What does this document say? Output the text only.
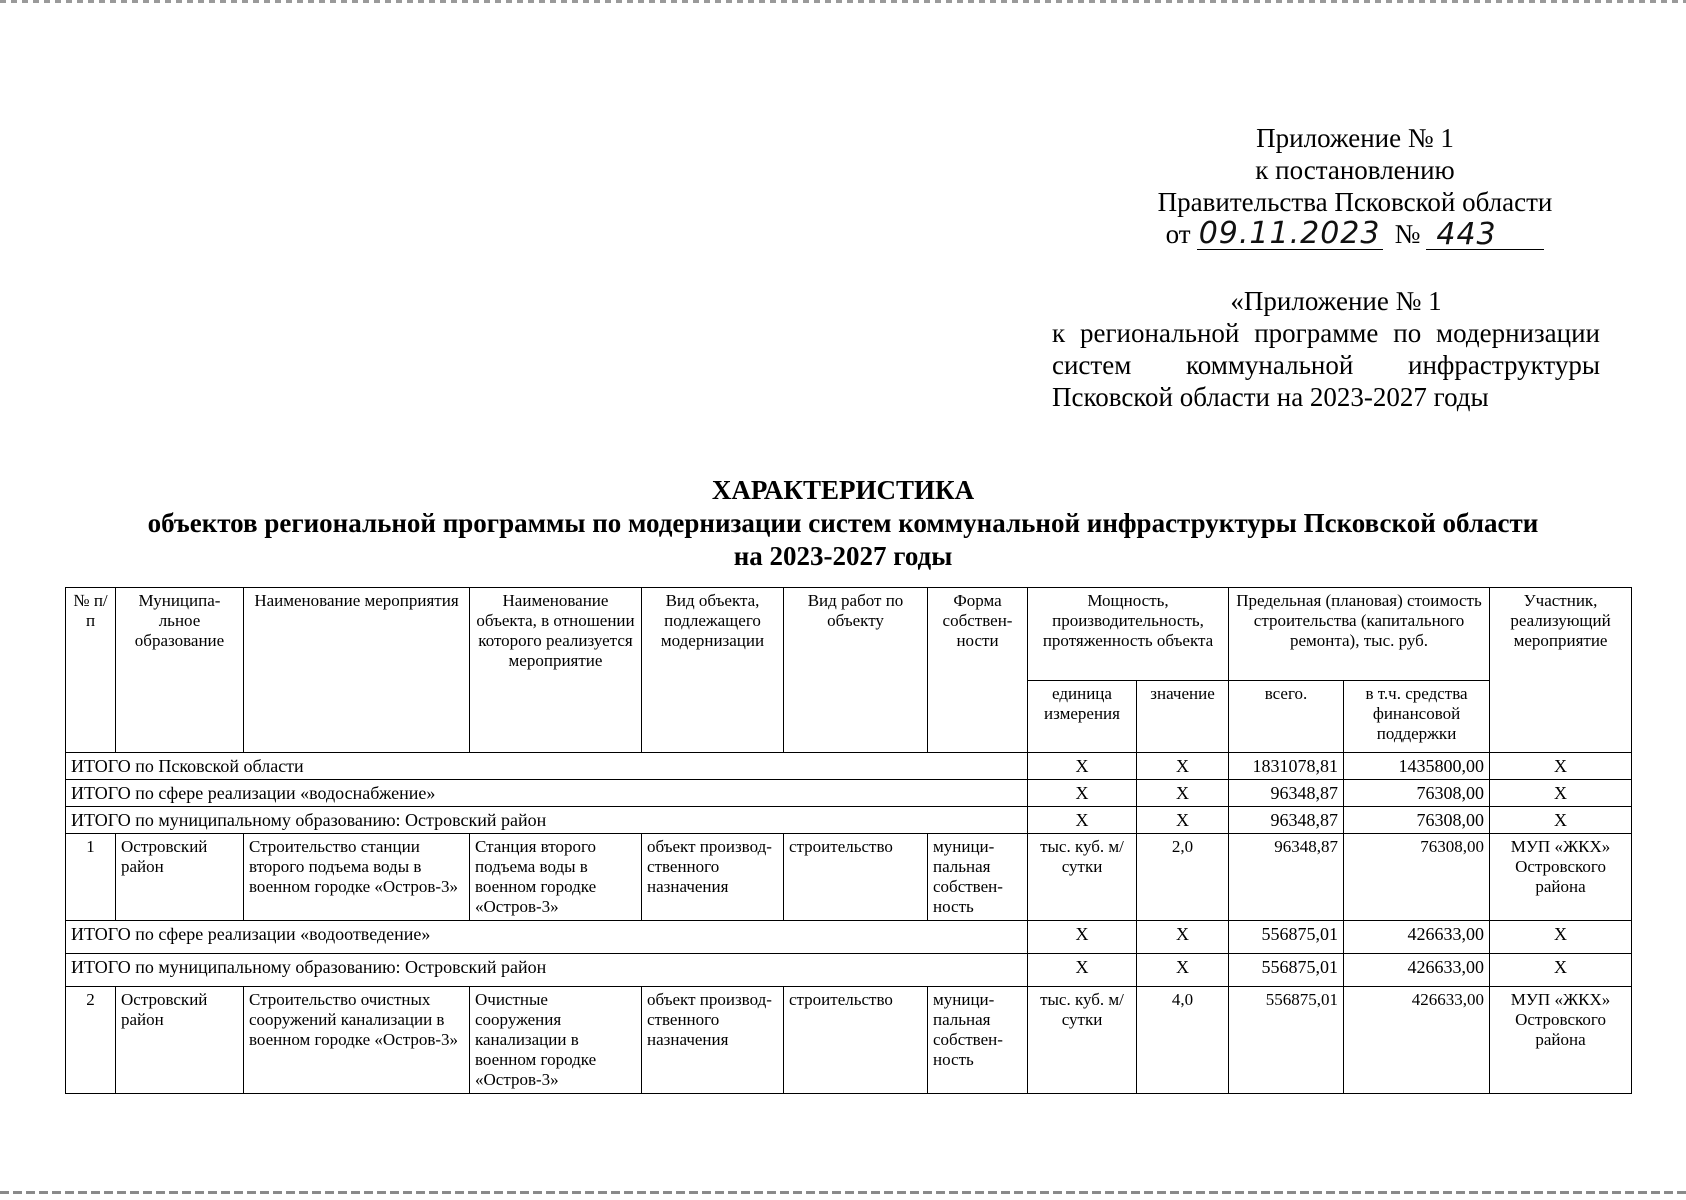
Приложение № 1
к постановлению
Правительства Псковской области
от 09.11.2023 № 443
«Приложение № 1
к региональной программе по модернизации
систем коммунальной инфраструктуры
Псковской области на 2023-2027 годы
ХАРАКТЕРИСТИКА
объектов региональной программы по модернизации систем коммунальной инфраструктуры Псковской области
на 2023-2027 годы
№ п/п	Муниципа-льное образование	Наименование мероприятия	Наименование объекта, в отношении которого реализуется мероприятие	Вид объекта, подлежащего модернизации	Вид работ по объекту	Форма собствен-ности	Мощность, производительность, протяженность объекта		Предельная (плановая) стоимость строительства (капитального ремонта), тыс. руб.		Участник, реализующий мероприятие
							единица измерения	значение	всего.	в т.ч. средства финансовой поддержки	
ИТОГО по Псковской области							Х	Х	1831078,81	1435800,00	Х
ИТОГО по сфере реализации «водоснабжение»							Х	Х	96348,87	76308,00	Х
ИТОГО по муниципальному образованию: Островский район							Х	Х	96348,87	76308,00	Х
1	Островский район	Строительство станции второго подъема воды в военном городке «Остров-3»	Станция второго подъема воды в военном городке «Остров-3»	объект производ-ственного назначения	строительство	муници-пальная собствен-ность	тыс. куб. м/сутки	2,0	96348,87	76308,00	МУП «ЖКХ» Островского района
ИТОГО по сфере реализации «водоотведение»							Х	Х	556875,01	426633,00	Х
ИТОГО по муниципальному образованию: Островский район							Х	Х	556875,01	426633,00	Х
2	Островский район	Строительство очистных сооружений канализации в военном городке «Остров-3»	Очистные сооружения канализации в военном городке «Остров-3»	объект производ-ственного назначения	строительство	муници-пальная собствен-ность	тыс. куб. м/сутки	4,0	556875,01	426633,00	МУП «ЖКХ» Островского района
